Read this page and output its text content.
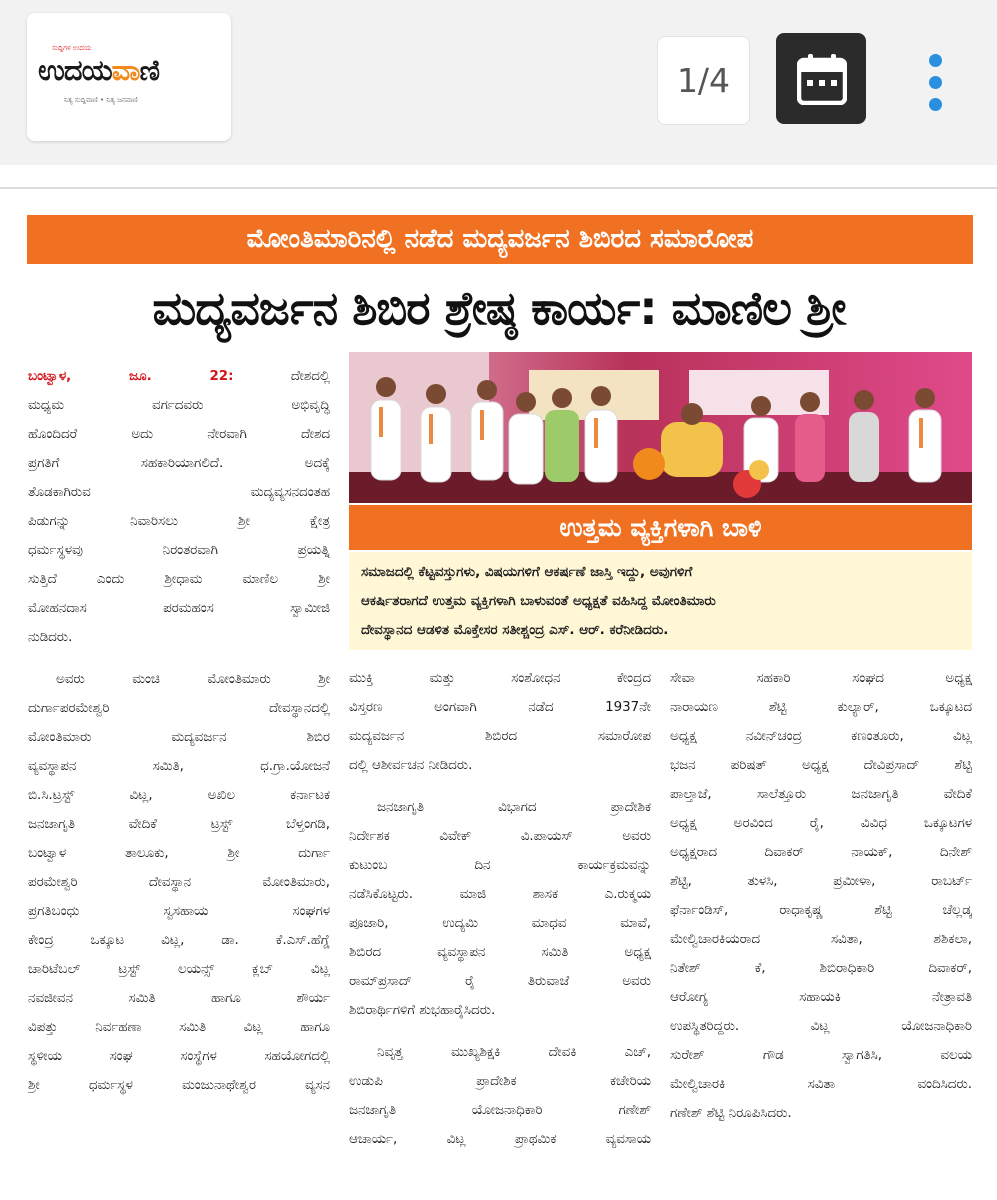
ಸುದ್ದಿಗಳ ಉದಯ
ಉದಯವಾಣಿ
ನಿತ್ಯ ಸುದ್ದಿವಾಣಿ • ನಿತ್ಯ ಜನವಾಣಿ	1/4
ಮೋಂತಿಮಾರಿನಲ್ಲಿ ನಡೆದ ಮದ್ಯವರ್ಜನ ಶಿಬಿರದ ಸಮಾರೋಪ
ಮದ್ಯವರ್ಜನ ಶಿಬಿರ ಶ್ರೇಷ್ಠ ಕಾರ್ಯ: ಮಾಣಿಲ ಶ್ರೀ
ಉತ್ತಮ ವ್ಯಕ್ತಿಗಳಾಗಿ ಬಾಳಿ
ಸಮಾಜದಲ್ಲಿ ಕೆಟ್ಟವಸ್ತುಗಳು, ವಿಷಯಗಳಿಗೆ ಆಕರ್ಷಣೆ ಜಾಸ್ತಿ ಇದ್ದು, ಅವುಗಳಿಗೆ
ಆಕರ್ಷಿತರಾಗದೆ ಉತ್ತಮ ವ್ಯಕ್ತಿಗಳಾಗಿ ಬಾಳುವಂತೆ ಅಧ್ಯಕ್ಷತೆ ವಹಿಸಿದ್ದ ಮೋಂತಿಮಾರು
ದೇವಸ್ಥಾನದ ಆಡಳಿತ ಮೊಕ್ತೇಸರ ಸತೀಶ್ಚಂದ್ರ ಎಸ್. ಆರ್. ಕರೆನೀಡಿದರು.
ಬಂಟ್ವಾಳ, ಜೂ. 22:	ದೇಶದಲ್ಲಿ
ಮಧ್ಯಮ ವರ್ಗದವರು ಅಭಿವೃದ್ಧಿ
ಹೊಂದಿದರೆ ಅದು ನೇರವಾಗಿ ದೇಶದ
ಪ್ರಗತಿಗೆ ಸಹಕಾರಿಯಾಗಲಿದೆ. ಅದಕ್ಕೆ
ತೊಡಕಾಗಿರುವ ಮದ್ಯವ್ಯಸನದಂತಹ
ಪಿಡುಗನ್ನು ನಿವಾರಿಸಲು ಶ್ರೀ ಕ್ಷೇತ್ರ
ಧರ್ಮಸ್ಥಳವು ನಿರಂತರವಾಗಿ ಪ್ರಯತ್ನಿ
ಸುತ್ತಿದೆ ಎಂದು ಶ್ರೀಧಾಮ ಮಾಣಿಲ ಶ್ರೀ
ಮೋಹನದಾಸ ಪರಮಹಂಸ ಸ್ವಾಮೀಜಿ
ನುಡಿದರು.
ಅವರು ಮಂಚಿ ಮೋಂತಿಮಾರು ಶ್ರೀ
ದುರ್ಗಾಪರಮೇಶ್ವರಿ ದೇವಸ್ಥಾನದಲ್ಲಿ
ಮೋಂತಿಮಾರು ಮದ್ಯವರ್ಜನ ಶಿಬಿರ
ವ್ಯವಸ್ಥಾಪನ ಸಮಿತಿ, ಧ.ಗ್ರಾ.ಯೋಜನೆ
ಬಿ.ಸಿ.ಟ್ರಸ್ಟ್ ವಿಟ್ಲ, ಅಖಿಲ ಕರ್ನಾಟಕ
ಜನಜಾಗೃತಿ ವೇದಿಕೆ ಟ್ರಸ್ಟ್ ಬೆಳ್ತಂಗಡಿ,
ಬಂಟ್ವಾಳ ತಾಲೂಕು, ಶ್ರೀ ದುರ್ಗಾ
ಪರಮೇಶ್ವರಿ ದೇವಸ್ಥಾನ ಮೋಂತಿಮಾರು,
ಪ್ರಗತಿಬಂಧು ಸ್ವಸಹಾಯ ಸಂಘಗಳ
ಕೇಂದ್ರ ಒಕ್ಕೂಟ ವಿಟ್ಲ, ಡಾ. ಕೆ.ಎಸ್.ಹೆಗ್ಡೆ
ಚಾರಿಟೆಬಲ್ ಟ್ರಸ್ಟ್ ಲಯನ್ಸ್ ಕ್ಲಬ್ ವಿಟ್ಲ
ನವಜೀವನ ಸಮಿತಿ ಹಾಗೂ ಶೌರ್ಯ
ವಿಪತ್ತು ನಿರ್ವಹಣಾ ಸಮಿತಿ ವಿಟ್ಲ ಹಾಗೂ
ಸ್ಥಳೀಯ ಸಂಘ ಸಂಸ್ಥೆಗಳ ಸಹಯೋಗದಲ್ಲಿ
ಶ್ರೀ ಧರ್ಮಸ್ಥಳ ಮಂಜುನಾಥೇಶ್ವರ ವ್ಯಸನ
ಮುಕ್ತಿ ಮತ್ತು ಸಂಶೋಧನ ಕೇಂದ್ರದ
ವಿಸ್ತರಣ ಅಂಗವಾಗಿ ನಡೆದ 1937ನೇ
ಮದ್ಯವರ್ಜನ ಶಿಬಿರದ ಸಮಾರೋಪ
ದಲ್ಲಿ ಆಶೀರ್ವಚನ ನೀಡಿದರು.
ಜನಜಾಗೃತಿ ವಿಭಾಗದ ಪ್ರಾದೇಶಿಕ
ನಿರ್ದೇಶಕ ವಿವೇಕ್ ವಿ.ಪಾಯಸ್ ಅವರು
ಕುಟುಂಬ ದಿನ ಕಾರ್ಯಕ್ರಮವನ್ನು
ನಡೆಸಿಕೊಟ್ಟರು. ಮಾಜಿ ಶಾಸಕ ಎ.ರುಕ್ಮಯ
ಪೂಜಾರಿ, ಉದ್ಯಮಿ ಮಾಧವ ಮಾವೆ,
ಶಿಬಿರದ ವ್ಯವಸ್ಥಾಪನ ಸಮಿತಿ ಅಧ್ಯಕ್ಷ
ರಾಮ್‌ಪ್ರಸಾದ್ ರೈ ತಿರುವಾಜೆ ಅವರು
ಶಿಬಿರಾರ್ಥಿಗಳಿಗೆ ಶುಭಹಾರೈಸಿದರು.
ನಿವೃತ್ತ ಮುಖ್ಯಶಿಕ್ಷಕಿ ದೇವಕಿ ಎಚ್,
ಉಡುಪಿ ಪ್ರಾದೇಶಿಕ ಕಚೇರಿಯ
ಜನಜಾಗೃತಿ ಯೋಜನಾಧಿಕಾರಿ ಗಣೇಶ್
ಆಚಾರ್ಯ, ವಿಟ್ಲ ಪ್ರಾಥಮಿಕ ವ್ಯವಸಾಯ
ಸೇವಾ ಸಹಕಾರಿ ಸಂಘದ ಅಧ್ಯಕ್ಷ
ನಾರಾಯಣ ಶೆಟ್ಟಿ ಕುಲ್ಯಾರ್, ಒಕ್ಕೂಟದ
ಅಧ್ಯಕ್ಷ ನವೀನ್‌ಚಂದ್ರ ಕಣಂತೂರು, ವಿಟ್ಲ
ಭಜನ ಪರಿಷತ್ ಅಧ್ಯಕ್ಷ ದೇವಿಪ್ರಸಾದ್ ಶೆಟ್ಟಿ
ಪಾಲ್ತಾಜೆ, ಸಾಲೆತ್ತೂರು ಜನಜಾಗೃತಿ ವೇದಿಕೆ
ಅಧ್ಯಕ್ಷ ಅರವಿಂದ ರೈ, ವಿವಿಧ ಒಕ್ಕೂಟಗಳ
ಅಧ್ಯಕ್ಷರಾದ ದಿವಾಕರ್ ನಾಯಕ್, ದಿನೇಶ್
ಶೆಟ್ಟಿ, ತುಳಸಿ, ಪ್ರಮೀಳಾ, ರಾಬರ್ಟ್
ಫೆರ್ನಾಂಡಿಸ್, ರಾಧಾಕೃಷ್ಣ ಶೆಟ್ಟಿ ಚೆಲ್ಲಡ್ಕ
ಮೇಲ್ವಿಚಾರಕಿಯರಾದ ಸವಿತಾ, ಶಶಿಕಲಾ,
ನಿತೇಶ್ ಕೆ, ಶಿಬಿರಾಧಿಕಾರಿ ದಿವಾಕರ್,
ಆರೋಗ್ಯ ಸಹಾಯಕಿ ನೇತ್ರಾವತಿ
ಉಪಸ್ಥಿತರಿದ್ದರು. ವಿಟ್ಲ ಯೋಜನಾಧಿಕಾರಿ
ಸುರೇಶ್ ಗೌಡ ಸ್ವಾಗತಿಸಿ, ವಲಯ
ಮೇಲ್ವಿಚಾರಕಿ ಸವಿತಾ ವಂದಿಸಿದರು.
ಗಣೇಶ್ ಶೆಟ್ಟಿ ನಿರೂಪಿಸಿದರು.
